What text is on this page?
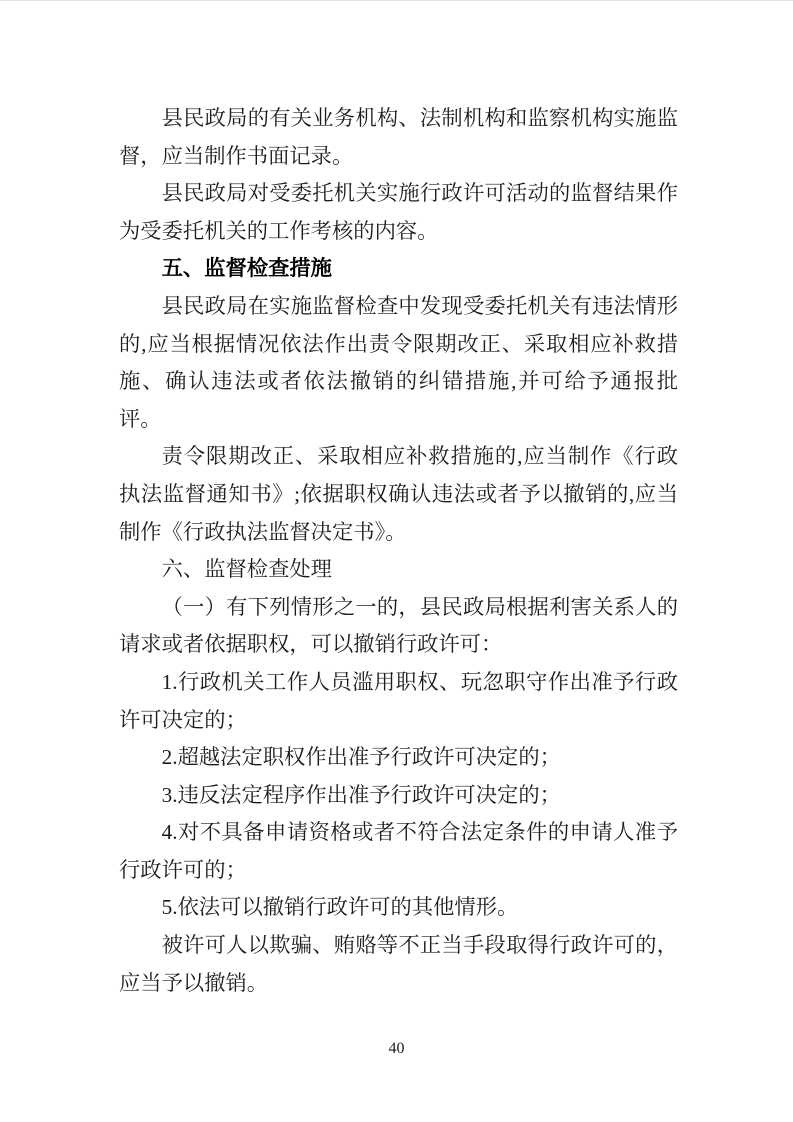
县民政局的有关业务机构、法制机构和监察机构实施监督，应当制作书面记录。

县民政局对受委托机关实施行政许可活动的监督结果作为受委托机关的工作考核的内容。

五、监督检查措施

县民政局在实施监督检查中发现受委托机关有违法情形的,应当根据情况依法作出责令限期改正、采取相应补救措施、确认违法或者依法撤销的纠错措施,并可给予通报批评。

责令限期改正、采取相应补救措施的,应当制作《行政执法监督通知书》;依据职权确认违法或者予以撤销的,应当制作《行政执法监督决定书》。

六、监督检查处理

（一）有下列情形之一的，县民政局根据利害关系人的请求或者依据职权，可以撤销行政许可：

1.行政机关工作人员滥用职权、玩忽职守作出准予行政许可决定的；

2.超越法定职权作出准予行政许可决定的；

3.违反法定程序作出准予行政许可决定的；

4.对不具备申请资格或者不符合法定条件的申请人准予行政许可的；

5.依法可以撤销行政许可的其他情形。

被许可人以欺骗、贿赂等不正当手段取得行政许可的，应当予以撤销。

40
